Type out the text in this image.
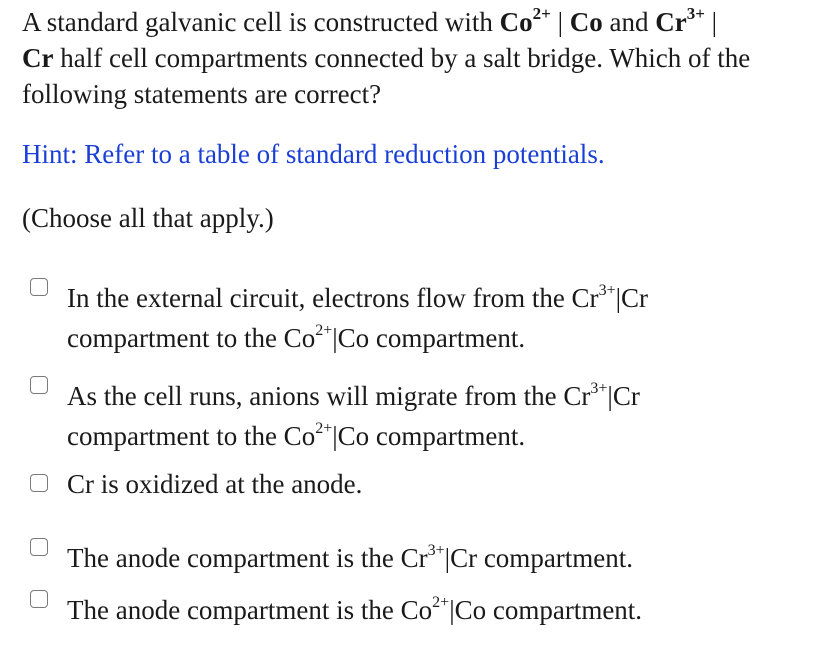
A standard galvanic cell is constructed with $Co^{2+}$ | Co and $Cr^{3+}$ |
Cr half cell compartments connected by a salt bridge. Which of the following statements are correct?
Hint: Refer to a table of standard reduction potentials.
(Choose all that apply.)
In the external circuit, electrons flow from the $Cr^{3+}|Cr$
compartment to the $Co^{2+}|Co$ compartment.
As the cell runs, anions will migrate from the $Cr^{3+}|Cr$
compartment to the $Co^{2+}|Co$ compartment.
Cr is oxidized at the anode.
The anode compartment is the $Cr^{3+}|Cr$ compartment.
The anode compartment is the $Co^{2+}|Co$ compartment.
